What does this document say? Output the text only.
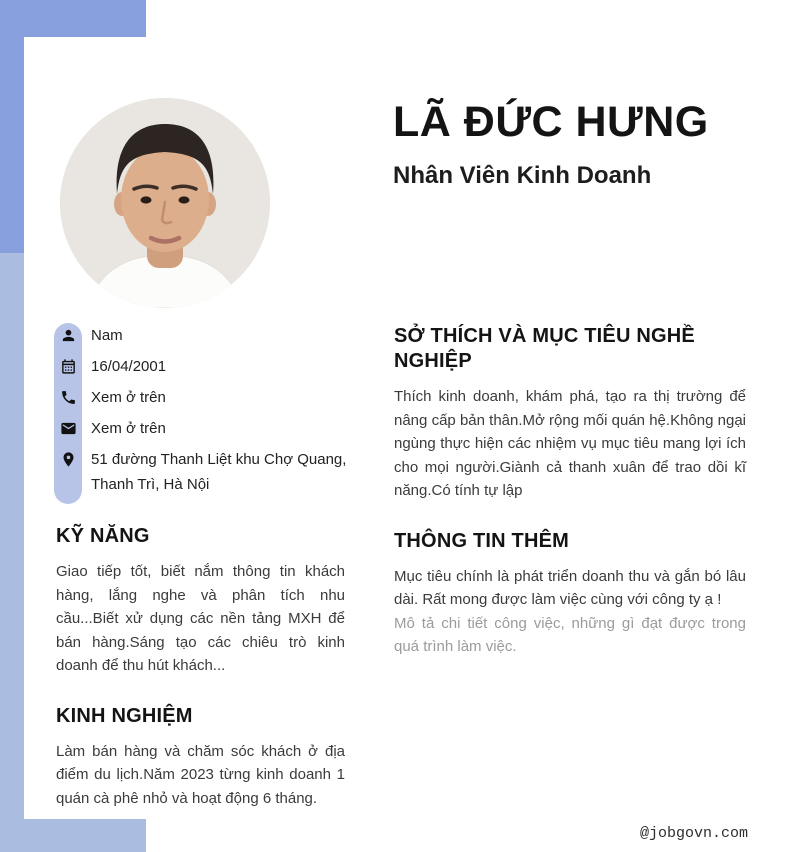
LÃ ĐỨC HƯNG
Nhân Viên Kinh Doanh
Nam
16/04/2001
Xem ở trên
Xem ở trên
51 đường Thanh Liệt khu Chợ Quang, Thanh Trì, Hà Nội
KỸ NĂNG

Giao tiếp tốt, biết nắm thông tin khách hàng, lắng nghe và phân tích nhu cầu...Biết xử dụng các nền tảng MXH để bán hàng.Sáng tạo các chiêu trò kinh doanh để thu hút khách...

KINH NGHIỆM

Làm bán hàng và chăm sóc khách ở địa điểm du lịch.Năm 2023 từng kinh doanh 1 quán cà phê nhỏ và hoạt động 6 tháng.

SỞ THÍCH VÀ MỤC TIÊU NGHỀ NGHIỆP

Thích kinh doanh, khám phá, tạo ra thị trường để nâng cấp bản thân.Mở rộng mối quán hệ.Không ngại ngùng thực hiện các nhiệm vụ mục tiêu mang lợi ích cho mọi người.Giành cả thanh xuân để trao dồi kĩ năng.Có tính tự lập

THÔNG TIN THÊM

Mục tiêu chính là phát triển doanh thu và gắn bó lâu dài. Rất mong được làm việc cùng với công ty ạ !

Mô tả chi tiết công việc, những gì đạt được trong quá trình làm việc.

@jobgovn.com
